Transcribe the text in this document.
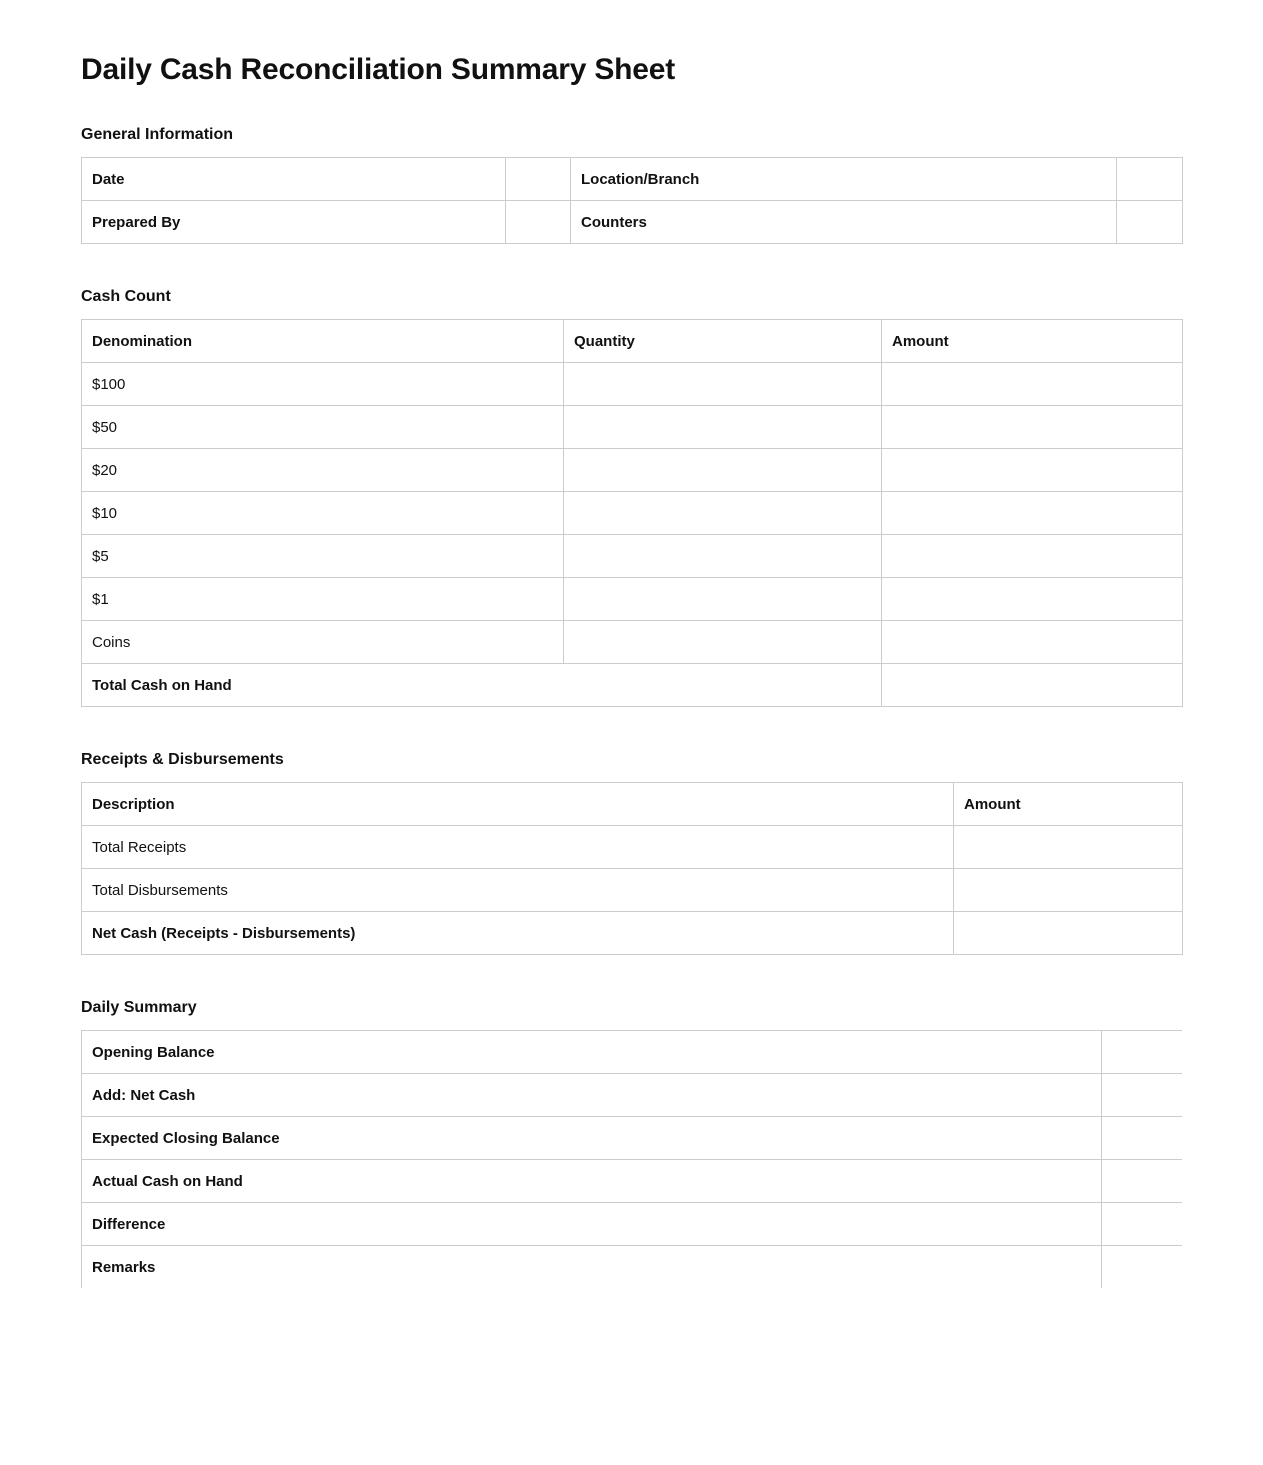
Daily Cash Reconciliation Summary Sheet
General Information
Date		Location/Branch	
Prepared By		Counters	
Cash Count
Denomination	Quantity	Amount
$100		
$50		
$20		
$10		
$5		
$1		
Coins		
Total Cash on Hand		
Receipts & Disbursements
Description	Amount
Total Receipts	
Total Disbursements	
Net Cash (Receipts - Disbursements)	
Daily Summary
Opening Balance	
Add: Net Cash	
Expected Closing Balance	
Actual Cash on Hand	
Difference	
Remarks	
